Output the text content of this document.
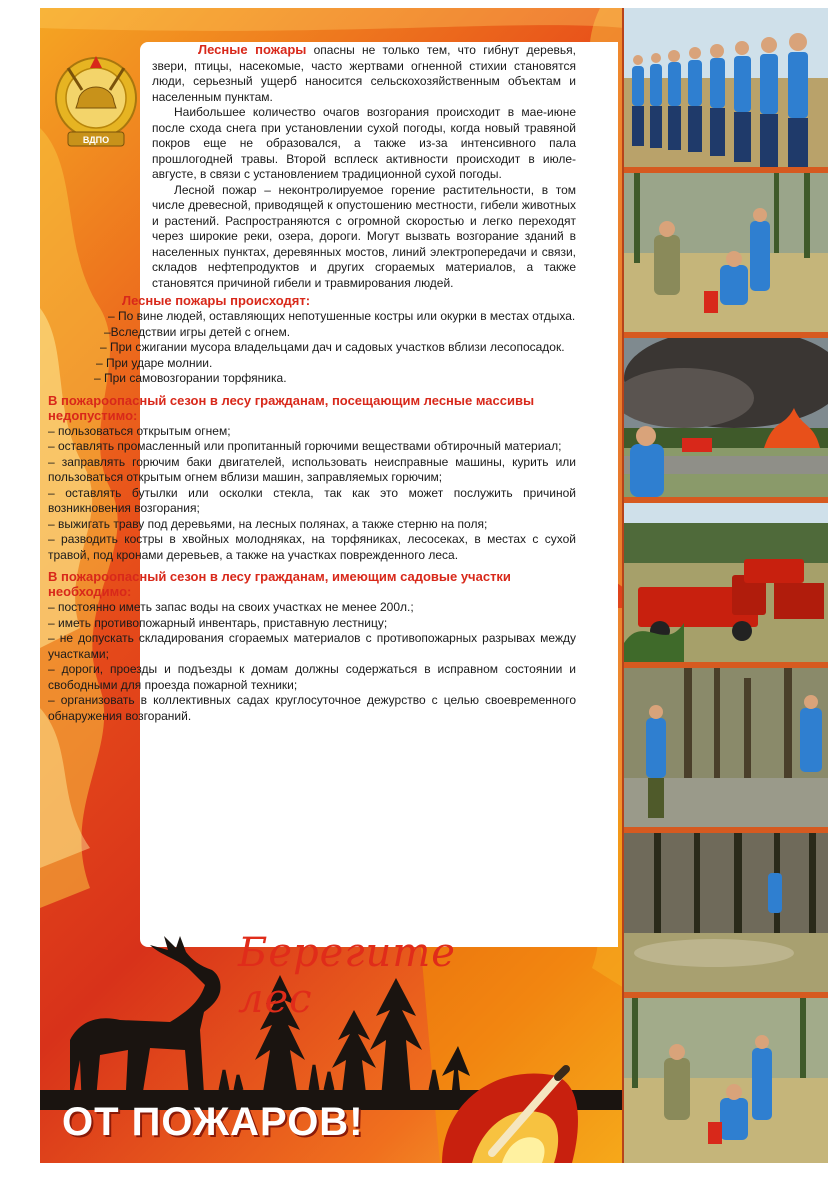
ВДПО

Лесные пожары опасны не только тем, что гибнут деревья, звери, птицы, насекомые, часто жертвами огненной стихии становятся люди, серьезный ущерб наносится сельскохозяйственным объектам и населенным пунктам.

Наибольшее количество очагов возгорания происходит в мае-июне после схода снега при установлении сухой погоды, когда новый травяной покров еще не образовался, а также из-за интенсивного пала прошлогодней травы. Второй всплеск активности происходит в июле-августе, в связи с установлением традиционной сухой погоды.

Лесной пожар – неконтролируемое горение растительности, в том числе древесной, приводящей к опустошению местности, гибели животных и растений. Распространяются с огромной скоростью и легко переходят через широкие реки, озера, дороги. Могут вызвать возгорание зданий в населенных пунктах, деревянных мостов, линий электропередачи и связи, складов нефтепродуктов и других сгораемых материалов, а также становятся причиной гибели и травмирования людей.

Лесные пожары происходят:
– По вине людей, оставляющих непотушенные костры или окурки в местах отдыха.
–Вследствии игры детей с огнем.
– При сжигании мусора владельцами дач и садовых участков вблизи лесопосадок.
– При ударе молнии.
– При самовозгорании торфяника.
В пожароопасный сезон в лесу гражданам, посещающим лесные массивы недопустимо:
– пользоваться открытым огнем;
– оставлять промасленный или пропитанный горючими веществами обтирочный материал;
– заправлять горючим баки двигателей, использовать неисправные машины, курить или пользоваться открытым огнем вблизи машин, заправляемых горючим;
– оставлять бутылки или осколки стекла, так как это может послужить причиной возникновения возгорания;
– выжигать траву под деревьями, на лесных полянах, а также стерню на поля;
– разводить костры в хвойных молодняках, на торфяниках, лесосеках, в местах с сухой травой, под кронами деревьев, а также на участках поврежденного леса.
В пожароопасный сезон в лесу гражданам, имеющим садовые участки необходимо:
– постоянно иметь запас воды на своих участках не менее 200л.;
– иметь противопожарный инвентарь, приставную лестницу;
– не допускать складирования сгораемых материалов с противопожарных разрывах между участками;
– дороги, проезды и подъезды к домам должны содержаться в исправном состоянии и свободными для проезда пожарной техники;
– организовать в коллективных садах круглосуточное дежурство с целью своевременного обнаружения возгораний.
Берегите лес
ОТ ПОЖАРОВ!
